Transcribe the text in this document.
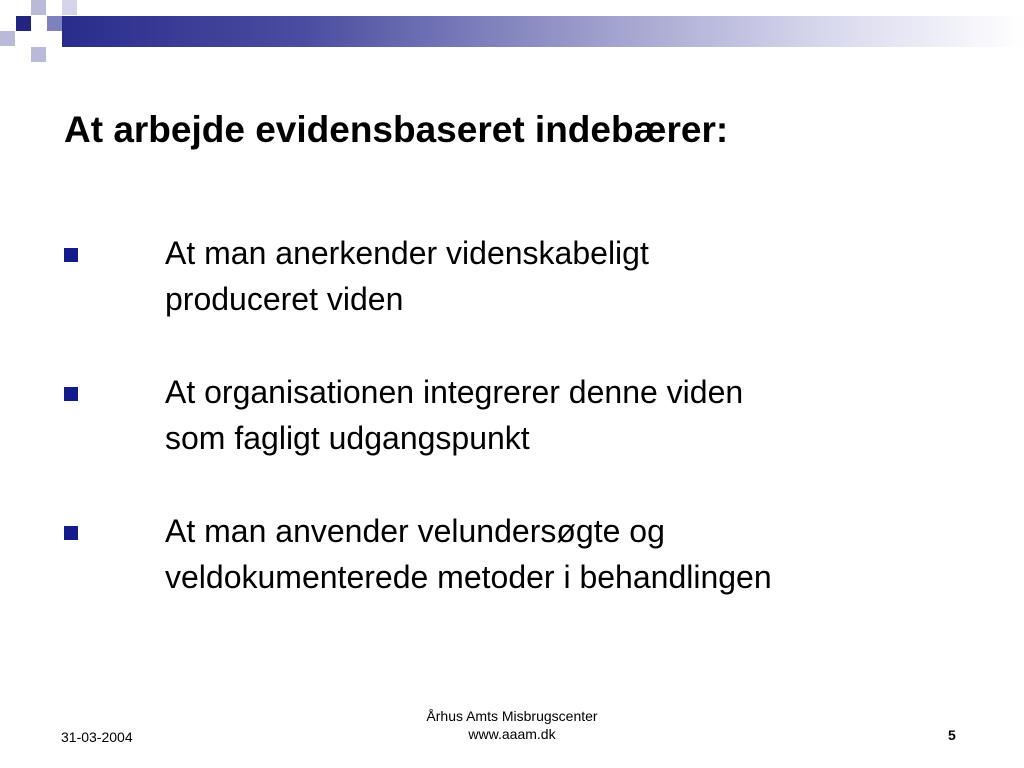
At arbejde evidensbaseret indebærer:
At man anerkender videnskabeligt
produceret viden
At organisationen integrerer denne viden
som fagligt udgangspunkt
At man anvender velundersøgte og
veldokumenterede metoder i behandlingen
31-03-2004
Århus Amts Misbrugscenter
www.aaam.dk	5
